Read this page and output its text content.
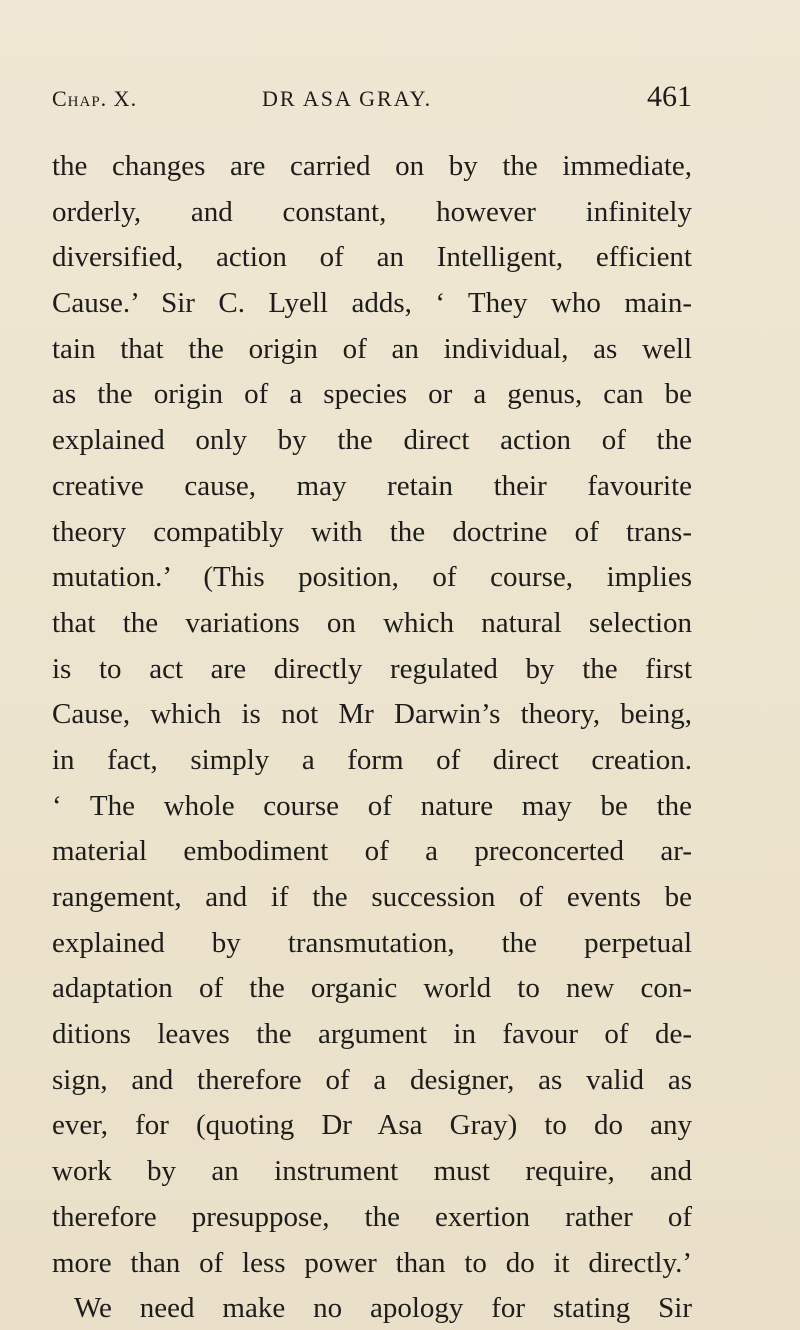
Chap. X.	DR ASA GRAY.	461
the changes are carried on by the immediate,
orderly, and constant, however infinitely
diversified, action of an Intelligent, efficient
Cause.’ Sir C. Lyell adds, ‘ They who main-
tain that the origin of an individual, as well
as the origin of a species or a genus, can be
explained only by the direct action of the
creative cause, may retain their favourite
theory compatibly with the doctrine of trans-
mutation.’ (This position, of course, implies
that the variations on which natural selection
is to act are directly regulated by the first
Cause, which is not Mr Darwin’s theory, being,
in fact, simply a form of direct creation.
‘ The whole course of nature may be the
material embodiment of a preconcerted ar-
rangement, and if the succession of events be
explained by transmutation, the perpetual
adaptation of the organic world to new con-
ditions leaves the argument in favour of de-
sign, and therefore of a designer, as valid as
ever, for (quoting Dr Asa Gray) to do any
work by an instrument must require, and
therefore presuppose, the exertion rather of
more than of less power than to do it directly.’
We need make no apology for stating Sir
